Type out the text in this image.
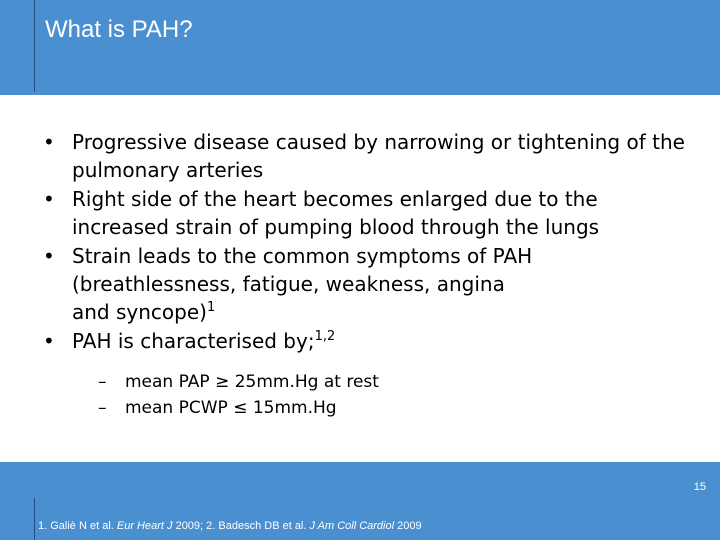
What is PAH?
• Progressive disease caused by narrowing or tightening of the pulmonary arteries
• Right side of the heart becomes enlarged due to the increased strain of pumping blood through the lungs
• Strain leads to the common symptoms of PAH
(breathlessness, fatigue, weakness, angina
and syncope)$^1$
• PAH is characterised by;$^{1,2}$
– mean PAP ≥ 25mm.Hg at rest
– mean PCWP ≤ 15mm.Hg
15
1. Galiè N et al. Eur Heart J 2009; 2. Badesch DB et al. J Am Coll Cardiol 2009
